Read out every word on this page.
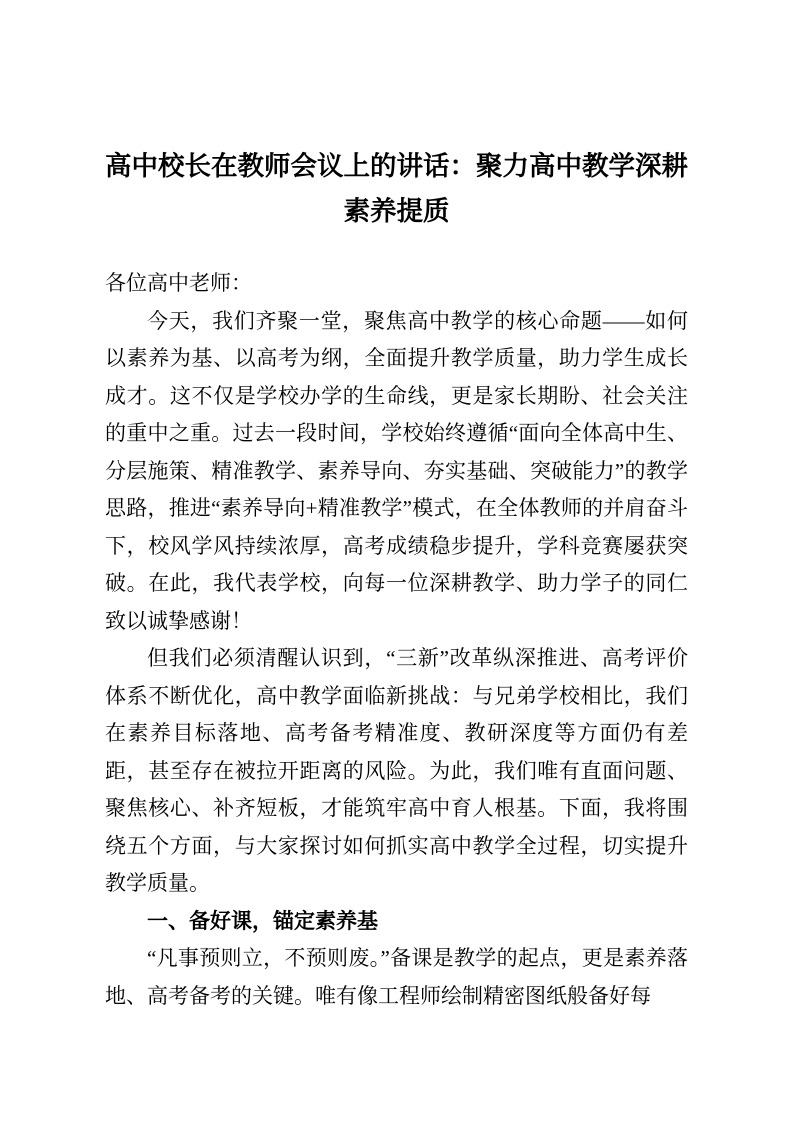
高中校长在教师会议上的讲话：聚力高中教学深耕
素养提质

各位高中老师：

今天，我们齐聚一堂，聚焦高中教学的核心命题——如何以素养为基、以高考为纲，全面提升教学质量，助力学生成长成才。这不仅是学校办学的生命线，更是家长期盼、社会关注的重中之重。过去一段时间，学校始终遵循“面向全体高中生、分层施策、精准教学、素养导向、夯实基础、突破能力”的教学思路，推进“素养导向+精准教学”模式，在全体教师的并肩奋斗下，校风学风持续浓厚，高考成绩稳步提升，学科竞赛屡获突破。在此，我代表学校，向每一位深耕教学、助力学子的同仁致以诚挚感谢！

但我们必须清醒认识到，“三新”改革纵深推进、高考评价体系不断优化，高中教学面临新挑战：与兄弟学校相比，我们在素养目标落地、高考备考精准度、教研深度等方面仍有差距，甚至存在被拉开距离的风险。为此，我们唯有直面问题、聚焦核心、补齐短板，才能筑牢高中育人根基。下面，我将围绕五个方面，与大家探讨如何抓实高中教学全过程，切实提升教学质量。

一、备好课，锚定素养基

“凡事预则立，不预则废。”备课是教学的起点，更是素养落地、高考备考的关键。唯有像工程师绘制精密图纸般备好每
